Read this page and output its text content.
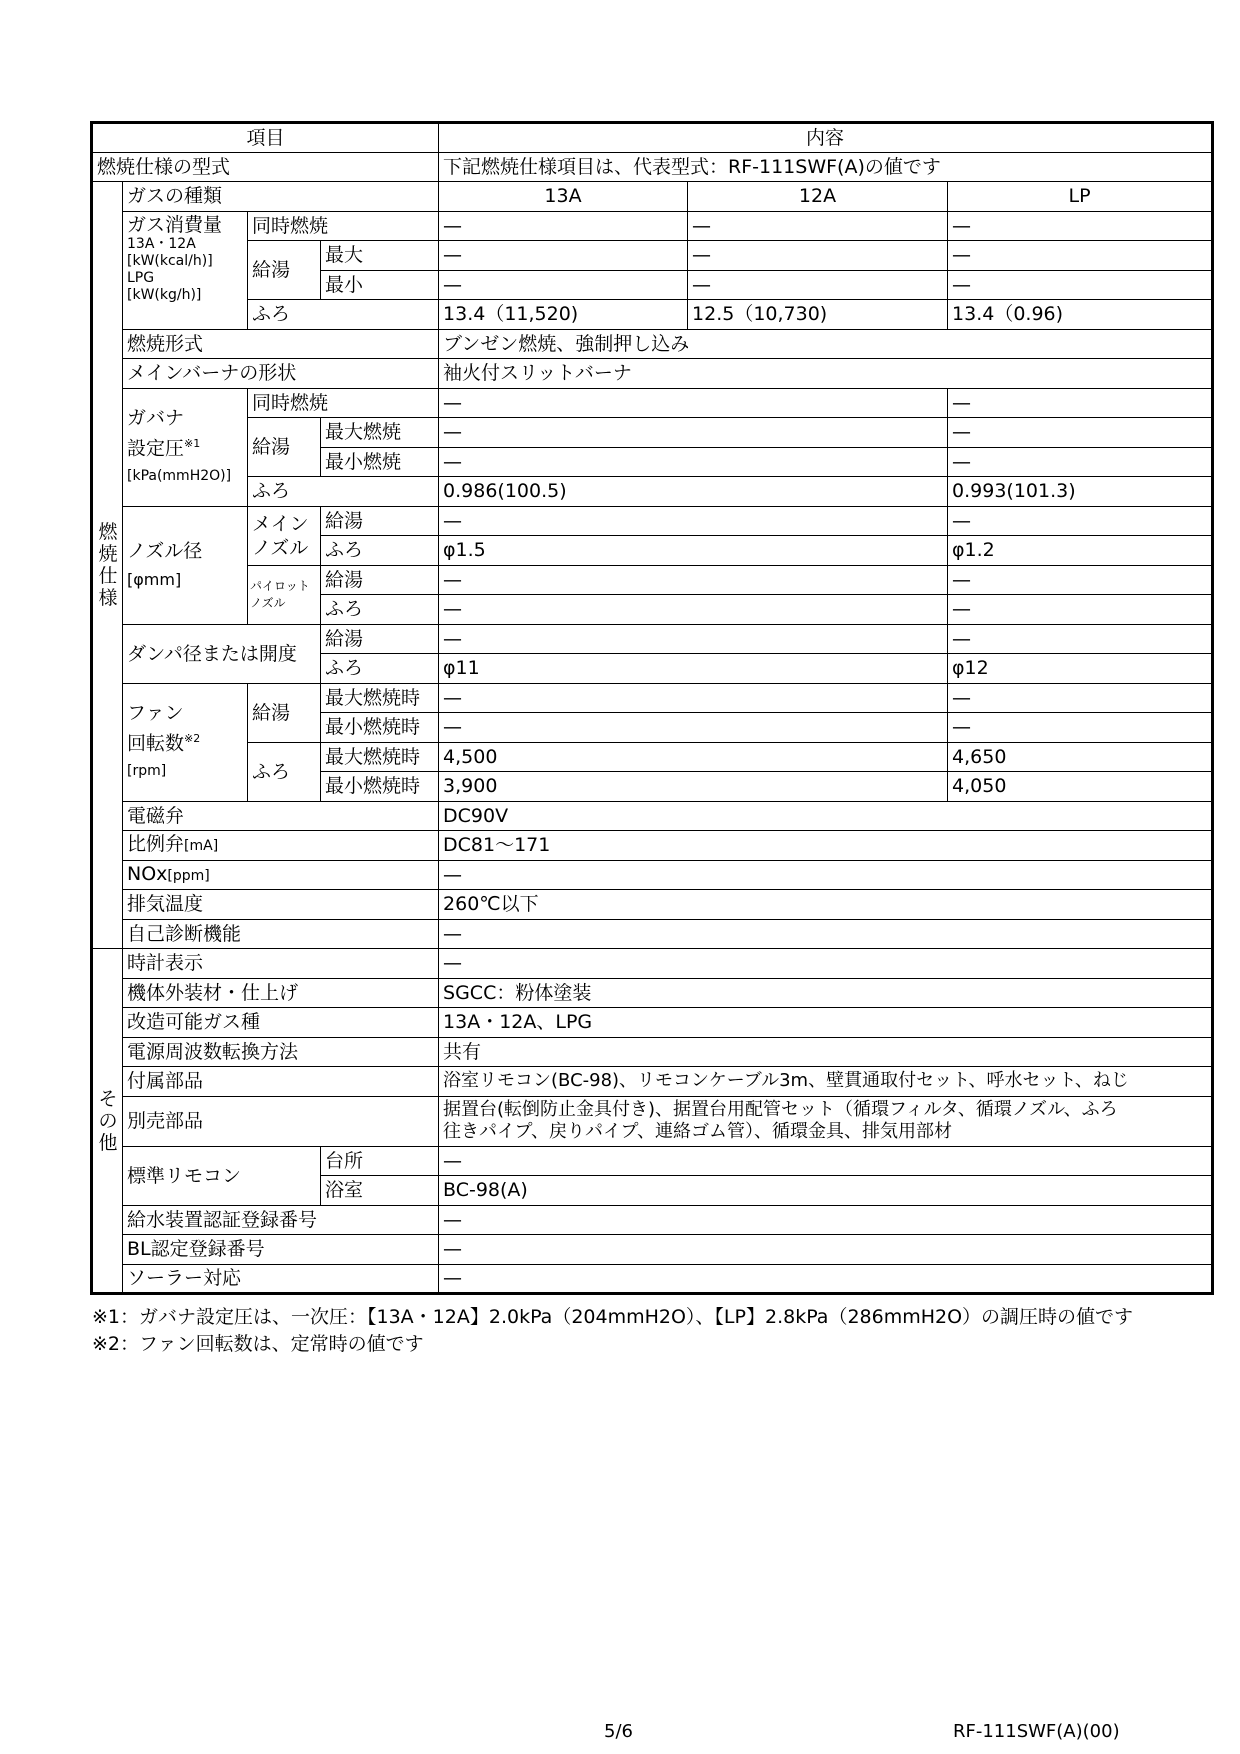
項目				内容		
燃焼仕様の型式				下記燃焼仕様項目は、代表型式：RF-111SWF(A)の値です		
燃焼仕様	ガスの種類			13A	12A	LP
	ガス消費量
13A・12A
[kW(kcal/h)]
LPG
[kW(kg/h)]	同時燃焼		—	—	—
		給湯	最大	—	—	—
			最小	—	—	—
		ふろ		13.4（11,520)	12.5（10,730)	13.4（0.96)
	燃焼形式			ブンゼン燃焼、強制押し込み		
	メインバーナの形状			袖火付スリットバーナ		
	ガバナ
設定圧$^{※1}$
[kPa(mmH2O)]	同時燃焼		—		—
		給湯	最大燃焼	—		—
			最小燃焼	—		—
		ふろ		0.986(100.5)		0.993(101.3)
	ノズル径
[φmm]	メイン
ノズル	給湯	—		—
			ふろ	φ1.5		φ1.2
		パイロット
ノズル	給湯	—		—
			ふろ	—		—
	ダンパ径または開度		給湯	—		—
			ふろ	φ11		φ12
	ファン
回転数$^{※2}$
[rpm]	給湯	最大燃焼時	—		—
			最小燃焼時	—		—
		ふろ	最大燃焼時	4,500		4,650
			最小燃焼時	3,900		4,050
	電磁弁			DC90V		
	比例弁[mA]			DC81～171		
	NOx[ppm]			—		
	排気温度			260℃以下		
	自己診断機能			—		
その他	時計表示			—		
	機体外装材・仕上げ			SGCC：粉体塗装		
	改造可能ガス種			13A・12A、LPG		
	電源周波数転換方法			共有		
	付属部品			浴室リモコン(BC-98)、リモコンケーブル3m、壁貫通取付セット、呼水セット、ねじ		
	別売部品			据置台(転倒防止金具付き)、据置台用配管セット（循環フィルタ、循環ノズル、ふろ
往きパイプ、戻りパイプ、連絡ゴム管）、循環金具、排気用部材		
	標準リモコン		台所	—		
			浴室	BC-98(A)		
	給水装置認証登録番号			—		
	BL認定登録番号			—		
	ソーラー対応			—		
※1：ガバナ設定圧は、一次圧：【13A・12A】2.0kPa（204mmH2O）、【LP】2.8kPa（286mmH2O）の調圧時の値です
※2：ファン回転数は、定常時の値です
5/6	RF-111SWF(A)(00)
